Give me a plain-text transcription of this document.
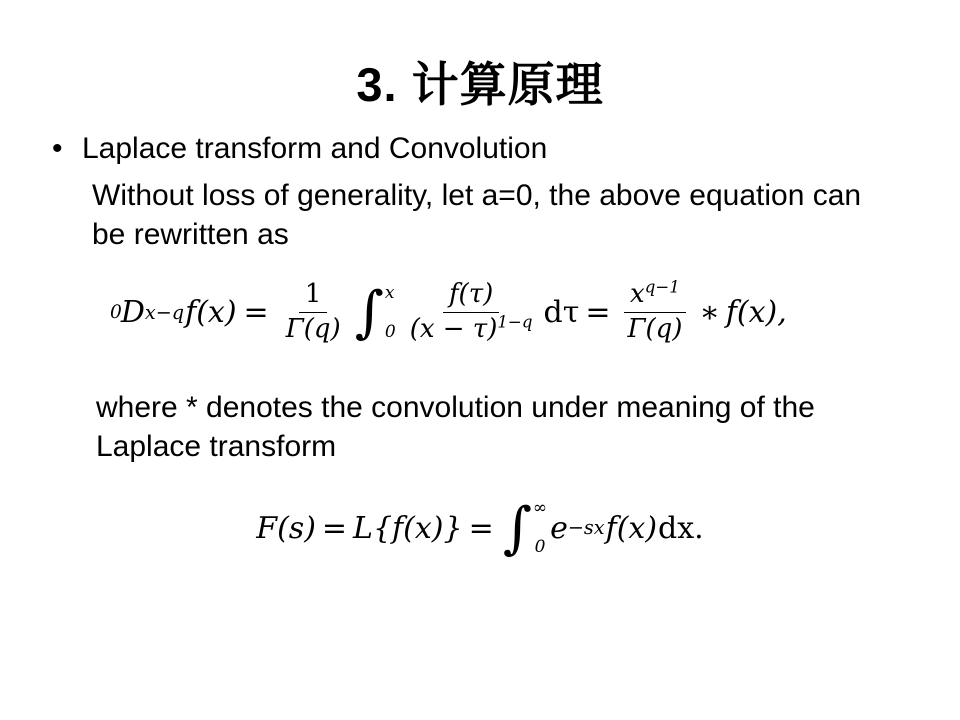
3. 计算原理
• Laplace transform and Convolution
Without loss of generality, let a=0, the above equation can be rewritten as
0 D x −q $f(x) = \frac{1}{\Gamma(q)}$ ∫ x
$0 \frac{f(\tau)}{(x - \tau)^{1-q}}$ $d\tau = \frac{x^{q-1}}{\Gamma(q)}$ ∗ f(x),
where * denotes the convolution under meaning of the Laplace transform
F(s) = L {f(x)} = ∫ ∞
0
e −sx f(x) dx.
